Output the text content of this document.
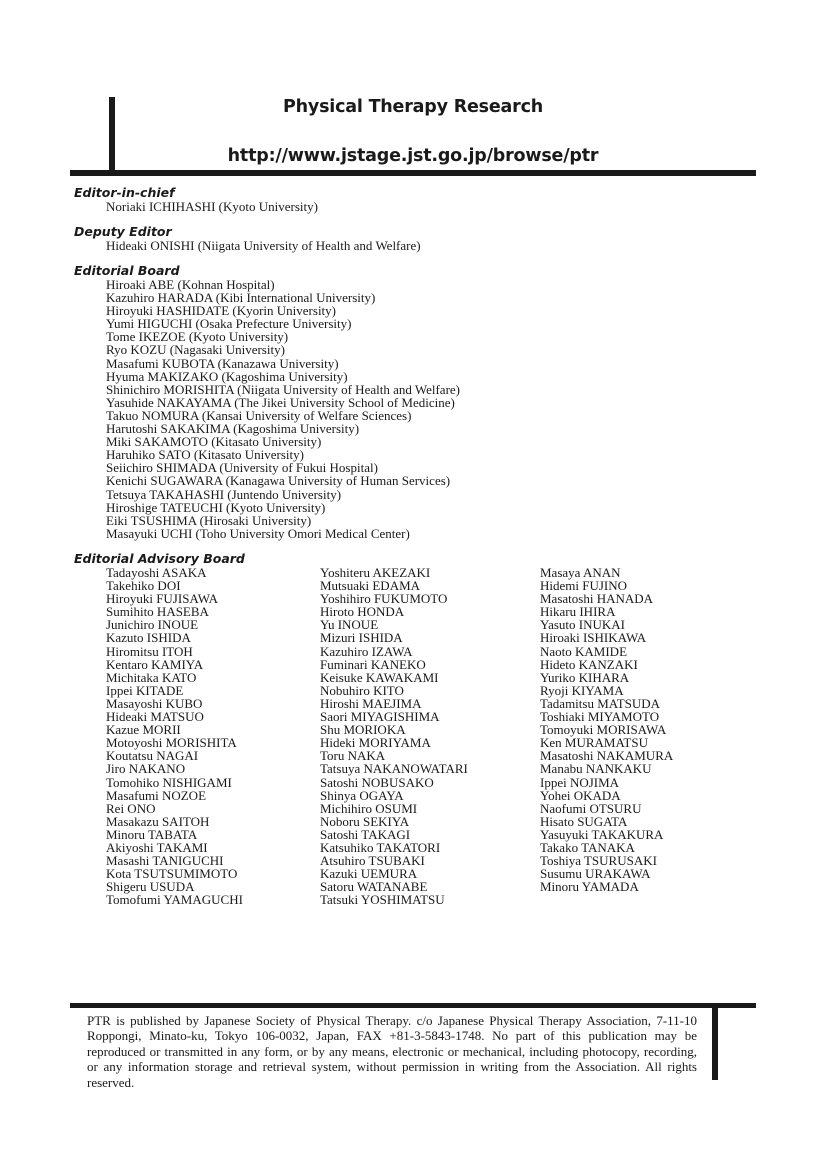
Physical Therapy Research
http://www.jstage.jst.go.jp/browse/ptr
Editor-in-chief
Noriaki ICHIHASHI (Kyoto University)
Deputy Editor
Hideaki ONISHI (Niigata University of Health and Welfare)
Editorial Board
Hiroaki ABE (Kohnan Hospital)
Kazuhiro HARADA (Kibi International University)
Hiroyuki HASHIDATE (Kyorin University)
Yumi HIGUCHI (Osaka Prefecture University)
Tome IKEZOE (Kyoto University)
Ryo KOZU (Nagasaki University)
Masafumi KUBOTA (Kanazawa University)
Hyuma MAKIZAKO (Kagoshima University)
Shinichiro MORISHITA (Niigata University of Health and Welfare)
Yasuhide NAKAYAMA (The Jikei University School of Medicine)
Takuo NOMURA (Kansai University of Welfare Sciences)
Harutoshi SAKAKIMA (Kagoshima University)
Miki SAKAMOTO (Kitasato University)
Haruhiko SATO (Kitasato University)
Seiichiro SHIMADA (University of Fukui Hospital)
Kenichi SUGAWARA (Kanagawa University of Human Services)
Tetsuya TAKAHASHI (Juntendo University)
Hiroshige TATEUCHI (Kyoto University)
Eiki TSUSHIMA (Hirosaki University)
Masayuki UCHI (Toho University Omori Medical Center)
Editorial Advisory Board
Tadayoshi ASAKA
Takehiko DOI
Hiroyuki FUJISAWA
Sumihito HASEBA
Junichiro INOUE
Kazuto ISHIDA
Hiromitsu ITOH
Kentaro KAMIYA
Michitaka KATO
Ippei KITADE
Masayoshi KUBO
Hideaki MATSUO
Kazue MORII
Motoyoshi MORISHITA
Koutatsu NAGAI
Jiro NAKANO
Tomohiko NISHIGAMI
Masafumi NOZOE
Rei ONO
Masakazu SAITOH
Minoru TABATA
Akiyoshi TAKAMI
Masashi TANIGUCHI
Kota TSUTSUMIMOTO
Shigeru USUDA
Tomofumi YAMAGUCHI
Yoshiteru AKEZAKI
Mutsuaki EDAMA
Yoshihiro FUKUMOTO
Hiroto HONDA
Yu INOUE
Mizuri ISHIDA
Kazuhiro IZAWA
Fuminari KANEKO
Keisuke KAWAKAMI
Nobuhiro KITO
Hiroshi MAEJIMA
Saori MIYAGISHIMA
Shu MORIOKA
Hideki MORIYAMA
Toru NAKA
Tatsuya NAKANOWATARI
Satoshi NOBUSAKO
Shinya OGAYA
Michihiro OSUMI
Noboru SEKIYA
Satoshi TAKAGI
Katsuhiko TAKATORI
Atsuhiro TSUBAKI
Kazuki UEMURA
Satoru WATANABE
Tatsuki YOSHIMATSU
Masaya ANAN
Hidemi FUJINO
Masatoshi HANADA
Hikaru IHIRA
Yasuto INUKAI
Hiroaki ISHIKAWA
Naoto KAMIDE
Hideto KANZAKI
Yuriko KIHARA
Ryoji KIYAMA
Tadamitsu MATSUDA
Toshiaki MIYAMOTO
Tomoyuki MORISAWA
Ken MURAMATSU
Masatoshi NAKAMURA
Manabu NANKAKU
Ippei NOJIMA
Yohei OKADA
Naofumi OTSURU
Hisato SUGATA
Yasuyuki TAKAKURA
Takako TANAKA
Toshiya TSURUSAKI
Susumu URAKAWA
Minoru YAMADA

PTR is published by Japanese Society of Physical Therapy. c/o Japanese Physical Therapy Association, 7-11-10 Roppongi, Minato-ku, Tokyo 106-0032, Japan, FAX +81-3-5843-1748. No part of this publication may be reproduced or transmitted in any form, or by any means, electronic or mechanical, including photocopy, recording, or any information storage and retrieval system, without permission in writing from the Association. All rights reserved.
